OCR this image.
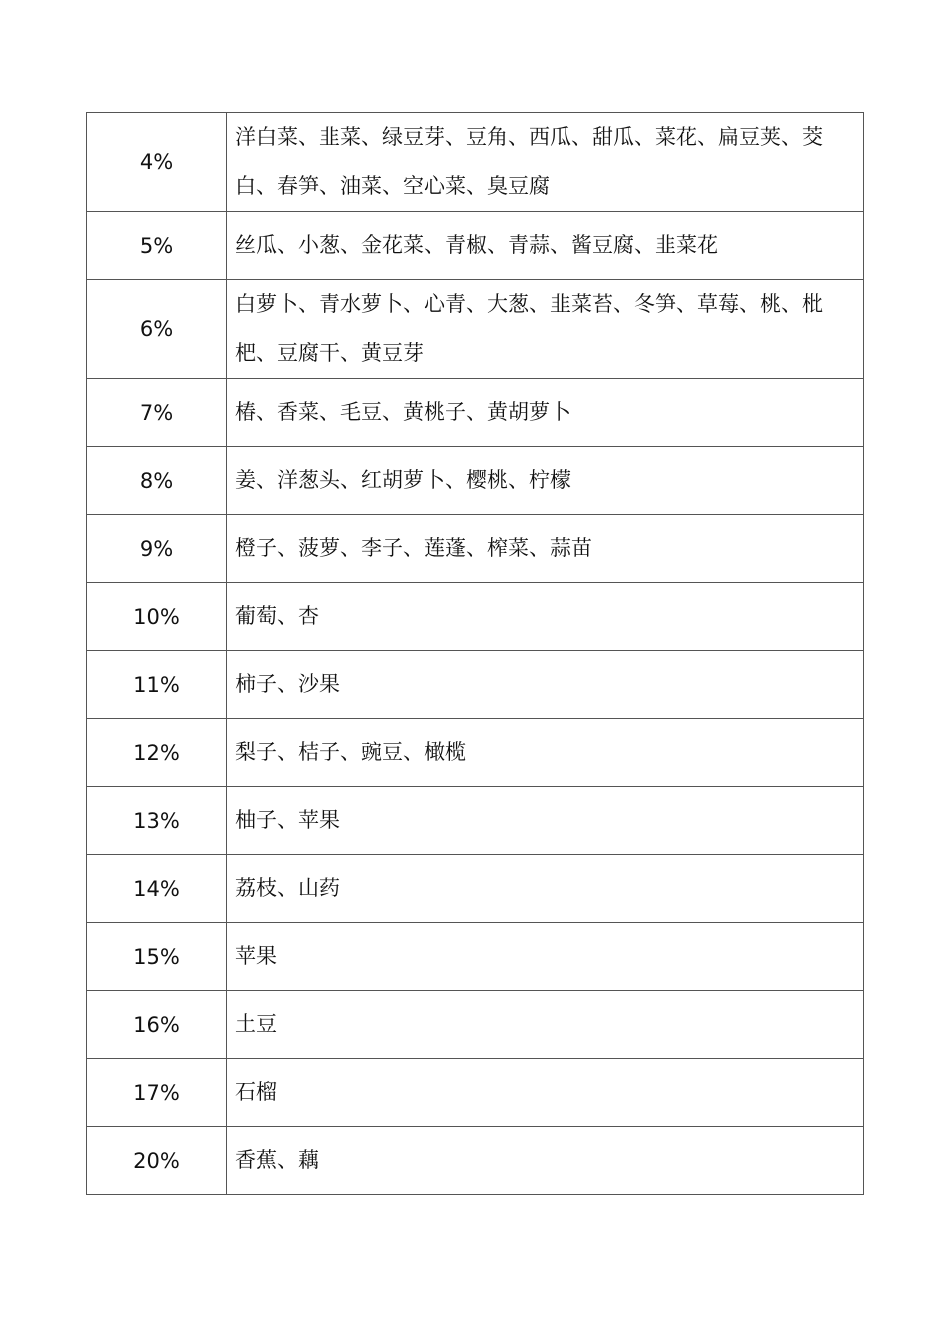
4%	洋白菜、韭菜、绿豆芽、豆角、西瓜、甜瓜、菜花、扁豆荚、茭白、春笋、油菜、空心菜、臭豆腐
5%	丝瓜、小葱、金花菜、青椒、青蒜、酱豆腐、韭菜花
6%	白萝卜、青水萝卜、心青、大葱、韭菜苔、冬笋、草莓、桃、枇杷、豆腐干、黄豆芽
7%	椿、香菜、毛豆、黄桃子、黄胡萝卜
8%	姜、洋葱头、红胡萝卜、樱桃、柠檬
9%	橙子、菠萝、李子、莲蓬、榨菜、蒜苗
10%	葡萄、杏
11%	柿子、沙果
12%	梨子、桔子、豌豆、橄榄
13%	柚子、苹果
14%	荔枝、山药
15%	苹果
16%	土豆
17%	石榴
20%	香蕉、藕
